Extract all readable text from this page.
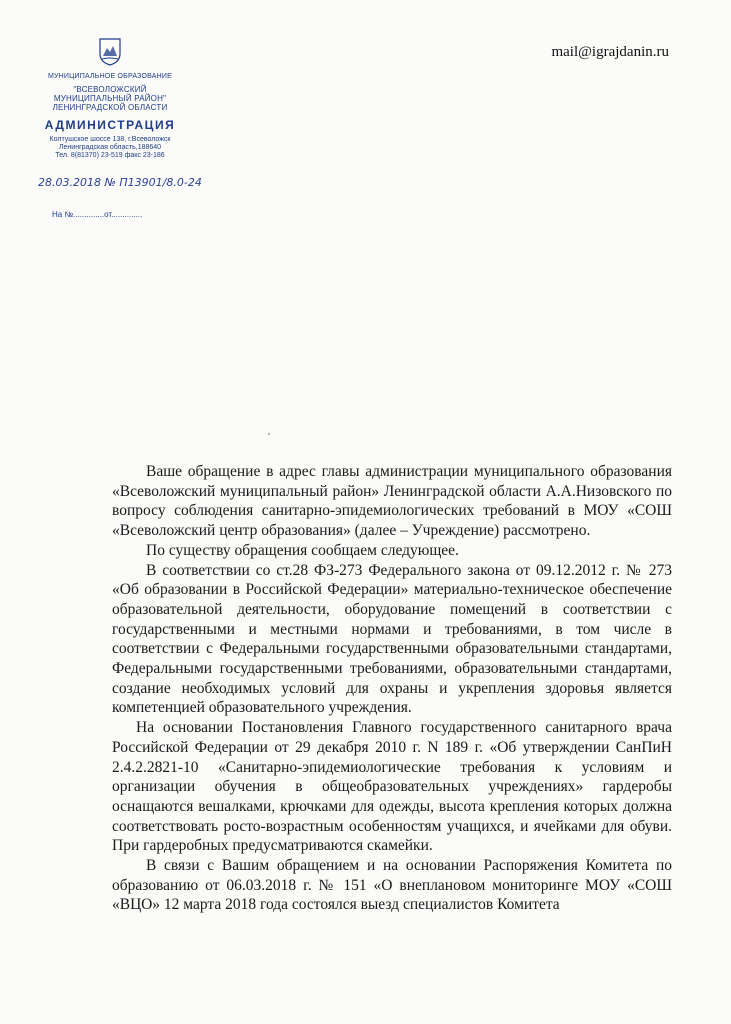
МУНИЦИПАЛЬНОЕ ОБРАЗОВАНИЕ
"ВСЕВОЛОЖСКИЙ
МУНИЦИПАЛЬНЫЙ РАЙОН"
ЛЕНИНГРАДСКОЙ ОБЛАСТИ
АДМИНИСТРАЦИЯ
Колтушское шоссе 138, г.Всеволожск
Ленинградская область,188640
Тел. 8(81370) 23-519 факс 23-186
28.03.2018 № П13901/8.0-24
На №..............от..............
mail@igrajdanin.ru

Ваше обращение в адрес главы администрации муниципального образования «Всеволожский муниципальный район» Ленинградской области А.А.Низовского по вопросу соблюдения санитарно-эпидемиологических требований в МОУ «СОШ «Всеволожский центр образования» (далее – Учреждение) рассмотрено.

По существу обращения сообщаем следующее.

В соответствии со ст.28 ФЗ-273 Федерального закона от 09.12.2012 г. № 273 «Об образовании в Российской Федерации» материально-техническое обеспечение образовательной деятельности, оборудование помещений в соответствии с государственными и местными нормами и требованиями, в том числе в соответствии с Федеральными государственными образовательными стандартами, Федеральными государственными требованиями, образовательными стандартами, создание необходимых условий для охраны и укрепления здоровья является компетенцией образовательного учреждения.

На основании Постановления Главного государственного санитарного врача Российской Федерации от 29 декабря 2010 г. N 189 г. «Об утверждении СанПиН 2.4.2.2821-10 «Санитарно-эпидемиологические требования к условиям и организации обучения в общеобразовательных учреждениях» гардеробы оснащаются вешалками, крючками для одежды, высота крепления которых должна соответствовать росто-возрастным особенностям учащихся, и ячейками для обуви. При гардеробных предусматриваются скамейки.

В связи с Вашим обращением и на основании Распоряжения Комитета по образованию от 06.03.2018 г. № 151 «О внеплановом мониторинге МОУ «СОШ «ВЦО» 12 марта 2018 года состоялся выезд специалистов Комитета
